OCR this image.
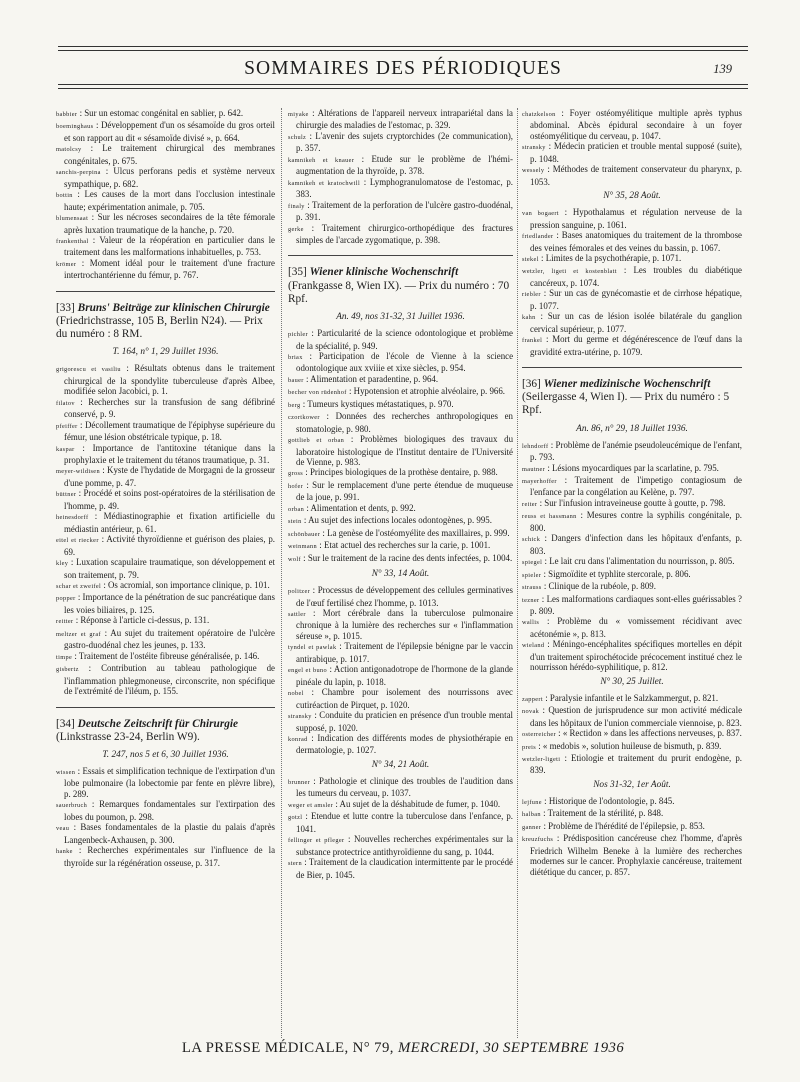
SOMMAIRES DES PÉRIODIQUES	139

babbier : Sur un estomac congénital en sablier, p. 642.

boeminghaus : Développement d'un os sésamoïde du gros orteil et son rapport au dit « sésamoïde divisé », p. 664.

matolcsy : Le traitement chirurgical des membranes congénitales, p. 675.

sanchis-perpina : Ulcus perforans pedis et système nerveux sympathique, p. 682.

bottin : Les causes de la mort dans l'occlusion intestinale haute; expérimentation animale, p. 705.

blumensaat : Sur les nécroses secondaires de la tête fémorale après luxation traumatique de la hanche, p. 720.

frankenthal : Valeur de la réopération en particulier dans le traitement dans les malformations inhabituelles, p. 753.

krömer : Moment idéal pour le traitement d'une fracture intertrochantérienne du fémur, p. 767.

[33] Bruns' Beiträge zur klinischen Chirurgie (Friedrichstrasse, 105 B, Berlin N24). — Prix du numéro : 8 RM.
T. 164, n° 1, 29 Juillet 1936.

grigorescu et vasiliu : Résultats obtenus dans le traitement chirurgical de la spondylite tuberculeuse d'après Albee, modifiée selon Jacobici, p. 1.

filatov : Recherches sur la transfusion de sang défibriné conservé, p. 9.

pfeiffer : Décollement traumatique de l'épiphyse supérieure du fémur, une lésion obstétricale typique, p. 18.

kaspar : Importance de l'antitoxine tétanique dans la prophylaxie et le traitement du tétanos traumatique, p. 31.

meyer-wildisen : Kyste de l'hydatide de Morgagni de la grosseur d'une pomme, p. 47.

büttner : Procédé et soins post-opératoires de la stérilisation de l'homme, p. 49.

heinesdorff : Médiastinographie et fixation artificielle du médiastin antérieur, p. 61.

eitel et riecker : Activité thyroïdienne et guérison des plaies, p. 69.

kley : Luxation scapulaire traumatique, son développement et son traitement, p. 79.

schar et zweifel : Os acromial, son importance clinique, p. 101.

popper : Importance de la pénétration de suc pancréatique dans les voies biliaires, p. 125.

reitter : Réponse à l'article ci-dessus, p. 131.

meltzer et graf : Au sujet du traitement opératoire de l'ulcère gastro-duodénal chez les jeunes, p. 133.

timpe : Traitement de l'ostéite fibreuse généralisée, p. 146.

gisbertz : Contribution au tableau pathologique de l'inflammation phlegmoneuse, circonscrite, non spécifique de l'extrémité de l'iléum, p. 155.

[34] Deutsche Zeitschrift für Chirurgie (Linkstrasse 23-24, Berlin W9).
T. 247, nos 5 et 6, 30 Juillet 1936.

wissen : Essais et simplification technique de l'extirpation d'un lobe pulmonaire (la lobectomie par fente en plèvre libre), p. 289.

sauerbruch : Remarques fondamentales sur l'extirpation des lobes du poumon, p. 298.

veau : Bases fondamentales de la plastie du palais d'après Langenbeck-Axhausen, p. 300.

hanke : Recherches expérimentales sur l'influence de la thyroïde sur la régénération osseuse, p. 317.

miyake : Altérations de l'appareil nerveux intrapariétal dans la chirurgie des maladies de l'estomac, p. 329.

schulz : L'avenir des sujets cryptorchides (2e communication), p. 357.

kamnikeh et knauer : Etude sur le problème de l'hémi-augmentation de la thyroïde, p. 378.

kamnikeh et kratochwill : Lymphogranulomatose de l'estomac, p. 383.

finaly : Traitement de la perforation de l'ulcère gastro-duodénal, p. 391.

gerke : Traitement chirurgico-orthopédique des fractures simples de l'arcade zygomatique, p. 398.

[35] Wiener klinische Wochenschrift (Frankgasse 8, Wien IX). — Prix du numéro : 70 Rpf.
An. 49, nos 31-32, 31 Juillet 1936.

pichler : Particularité de la science odontologique et problème de la spécialité, p. 949.

briax : Participation de l'école de Vienne à la science odontologique aux xviiie et xixe siècles, p. 954.

bauer : Alimentation et paradentine, p. 964.

becher von rüdenhof : Hypotension et atrophie alvéolaire, p. 966.

berg : Tumeurs kystiques métastatiques, p. 970.

czortkower : Données des recherches anthropologiques en stomatologie, p. 980.

gottlieb et orban : Problèmes biologiques des travaux du laboratoire histologique de l'Institut dentaire de l'Université de Vienne, p. 983.

gross : Principes biologiques de la prothèse dentaire, p. 988.

hofer : Sur le remplacement d'une perte étendue de muqueuse de la joue, p. 991.

orban : Alimentation et dents, p. 992.

stein : Au sujet des infections locales odontogènes, p. 995.

schönbauer : La genèse de l'ostéomyélite des maxillaires, p. 999.

weinmann : Etat actuel des recherches sur la carie, p. 1001.

wolf : Sur le traitement de la racine des dents infectées, p. 1004.

N° 33, 14 Août.

politzer : Processus de développement des cellules germinatives de l'œuf fertilisé chez l'homme, p. 1013.

sattler : Mort cérébrale dans la tuberculose pulmonaire chronique à la lumière des recherches sur « l'inflammation séreuse », p. 1015.

tyndel et pawlak : Traitement de l'épilepsie bénigne par le vaccin antirabique, p. 1017.

engel et buno : Action antigonadotrope de l'hormone de la glande pinéale du lapin, p. 1018.

nobel : Chambre pour isolement des nourrissons avec cutiréaction de Pirquet, p. 1020.

stransky : Conduite du praticien en présence d'un trouble mental supposé, p. 1020.

konrad : Indication des différents modes de physiothérapie en dermatologie, p. 1027.

N° 34, 21 Août.

brunner : Pathologie et clinique des troubles de l'audition dans les tumeurs du cerveau, p. 1037.

weger et amsler : Au sujet de la déshabitude de fumer, p. 1040.

gotzl : Etendue et lutte contre la tuberculose dans l'enfance, p. 1041.

fellinger et pfleger : Nouvelles recherches expérimentales sur la substance protectrice antithyroïdienne du sang, p. 1044.

stern : Traitement de la claudication intermittente par le procédé de Bier, p. 1045.

chatzkelson : Foyer ostéomyélitique multiple après typhus abdominal. Abcès épidural secondaire à un foyer ostéomyélitique du cerveau, p. 1047.

stransky : Médecin praticien et trouble mental supposé (suite), p. 1048.

wessely : Méthodes de traitement conservateur du pharynx, p. 1053.

N° 35, 28 Août.

van bogaert : Hypothalamus et régulation nerveuse de la pression sanguine, p. 1061.

friedlander : Bases anatomiques du traitement de la thrombose des veines fémorales et des veines du bassin, p. 1067.

stekel : Limites de la psychothérapie, p. 1071.

wetzler, ligeti et kostenblatt : Les troubles du diabétique cancéreux, p. 1074.

riebler : Sur un cas de gynécomastie et de cirrhose hépatique, p. 1077.

kahn : Sur un cas de lésion isolée bilatérale du ganglion cervical supérieur, p. 1077.

frankel : Mort du germe et dégénérescence de l'œuf dans la gravidité extra-utérine, p. 1079.

[36] Wiener medizinische Wochenschrift (Seilergasse 4, Wien I). — Prix du numéro : 5 Rpf.
An. 86, n° 29, 18 Juillet 1936.

lehndorff : Problème de l'anémie pseudoleucémique de l'enfant, p. 793.

mautner : Lésions myocardiques par la scarlatine, p. 795.

mayerhoffer : Traitement de l'impetigo contagiosum de l'enfance par la congélation au Kelène, p. 797.

reiter : Sur l'infusion intraveineuse goutte à goutte, p. 798.

reuss et hassmann : Mesures contre la syphilis congénitale, p. 800.

schick : Dangers d'infection dans les hôpitaux d'enfants, p. 803.

spiegel : Le lait cru dans l'alimentation du nourrisson, p. 805.

spieler : Sigmoïdite et typhlite stercorale, p. 806.

strauss : Clinique de la rubéole, p. 809.

tezner : Les malformations cardiaques sont-elles guérissables ? p. 809.

wallis : Problème du « vomissement récidivant avec acétonémie », p. 813.

wieland : Méningo-encéphalites spécifiques mortelles en dépit d'un traitement spirochétocide précocement institué chez le nourrisson hérédo-syphilitique, p. 812.

N° 30, 25 Juillet.

zappert : Paralysie infantile et le Salzkammergut, p. 821.

novak : Question de jurisprudence sur mon activité médicale dans les hôpitaux de l'union commerciale viennoise, p. 823.

osterreicher : « Rectidon » dans les affections nerveuses, p. 837.

preis : « medobis », solution huileuse de bismuth, p. 839.

wetzler-ligeti : Etiologie et traitement du prurit endogène, p. 839.

Nos 31-32, 1er Août.

lejfune : Historique de l'odontologie, p. 845.

halban : Traitement de la stérilité, p. 848.

ganner : Problème de l'hérédité de l'épilepsie, p. 853.

kreuzfuchs : Prédisposition cancéreuse chez l'homme, d'après Friedrich Wilhelm Beneke à la lumière des recherches modernes sur le cancer. Prophylaxie cancéreuse, traitement diététique du cancer, p. 857.

LA PRESSE MÉDICALE, N° 79, MERCREDI, 30 SEPTEMBRE 1936
